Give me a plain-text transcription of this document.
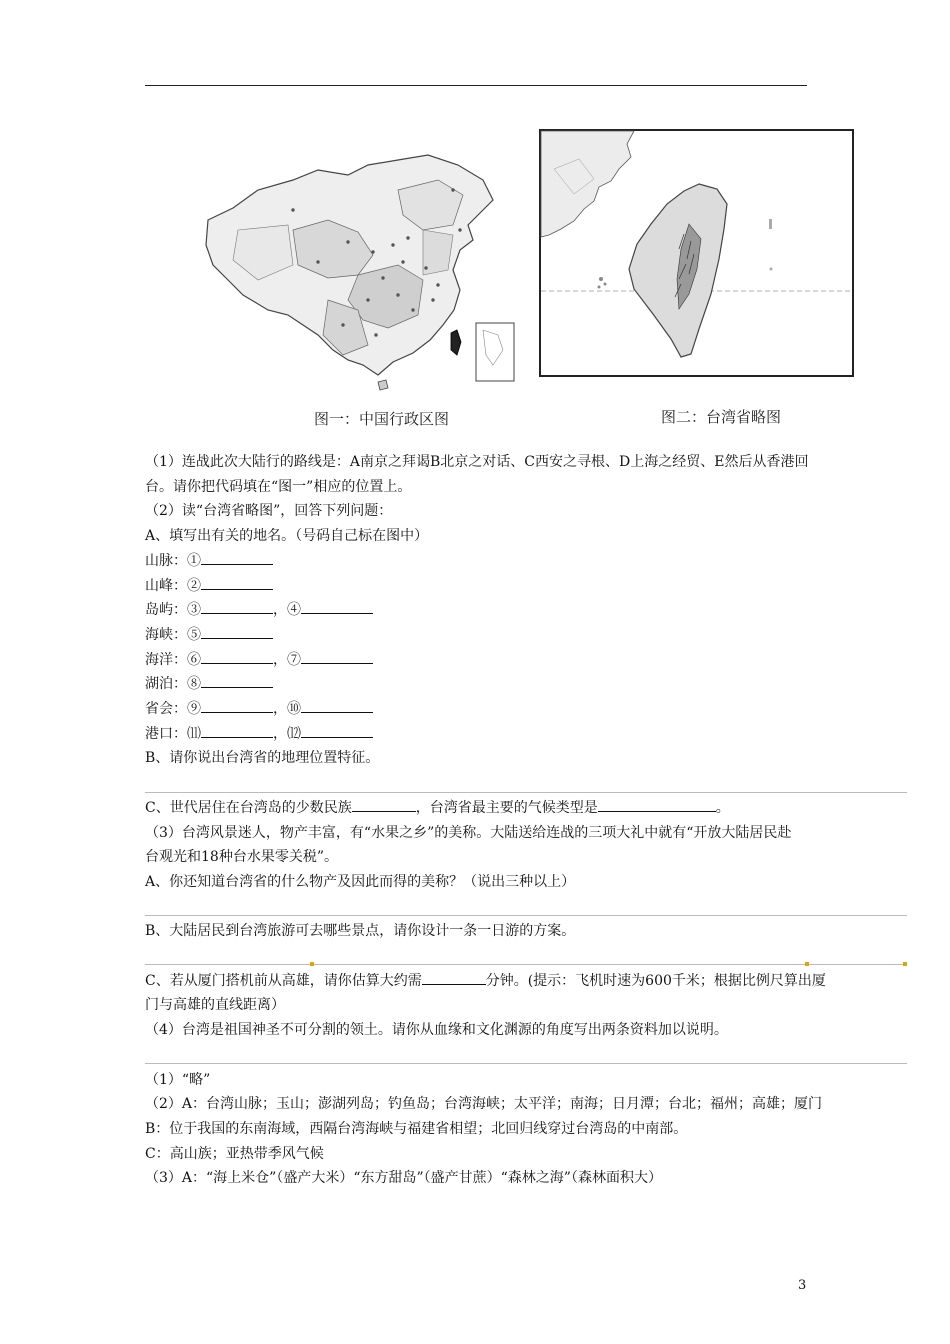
图一：中国行政区图	图二：台湾省略图
（1）连战此次大陆行的路线是：A南京之拜谒B北京之对话、C西安之寻根、D上海之经贸、E然后从香港回
台。请你把代码填在“图一”相应的位置上。
（2）读“台湾省略图”，回答下列问题：
A、填写出有关的地名。（号码自己标在图中）
山脉：①
山峰：②
岛屿：③	，④
海峡：⑤
海洋：⑥	，⑦
湖泊：⑧
省会：⑨	，⑩
港口：⑾	，⑿
B、请你说出台湾省的地理位置特征。
C、世代居住在台湾岛的少数民族	，台湾省最主要的气候类型是	。
（3）台湾风景迷人，物产丰富，有“水果之乡”的美称。大陆送给连战的三项大礼中就有“开放大陆居民赴
台观光和18种台水果零关税”。
A、你还知道台湾省的什么物产及因此而得的美称？（说出三种以上）
B、大陆居民到台湾旅游可去哪些景点，请你设计一条一日游的方案。
C、若从厦门搭机前从高雄，请你估算大约需	分钟。(提示：飞机时速为600千米；根据比例尺算出厦
门与高雄的直线距离）
（4）台湾是祖国神圣不可分割的领土。请你从血缘和文化渊源的角度写出两条资料加以说明。
（1）“略”
（2）A：台湾山脉；玉山；澎湖列岛；钓鱼岛；台湾海峡；太平洋；南海；日月潭；台北；福州；高雄；厦门
B：位于我国的东南海域，西隔台湾海峡与福建省相望；北回归线穿过台湾岛的中南部。
C：高山族；亚热带季风气候
（3）A：“海上米仓”（盛产大米）“东方甜岛”（盛产甘蔗）“森林之海”（森林面积大）
3
